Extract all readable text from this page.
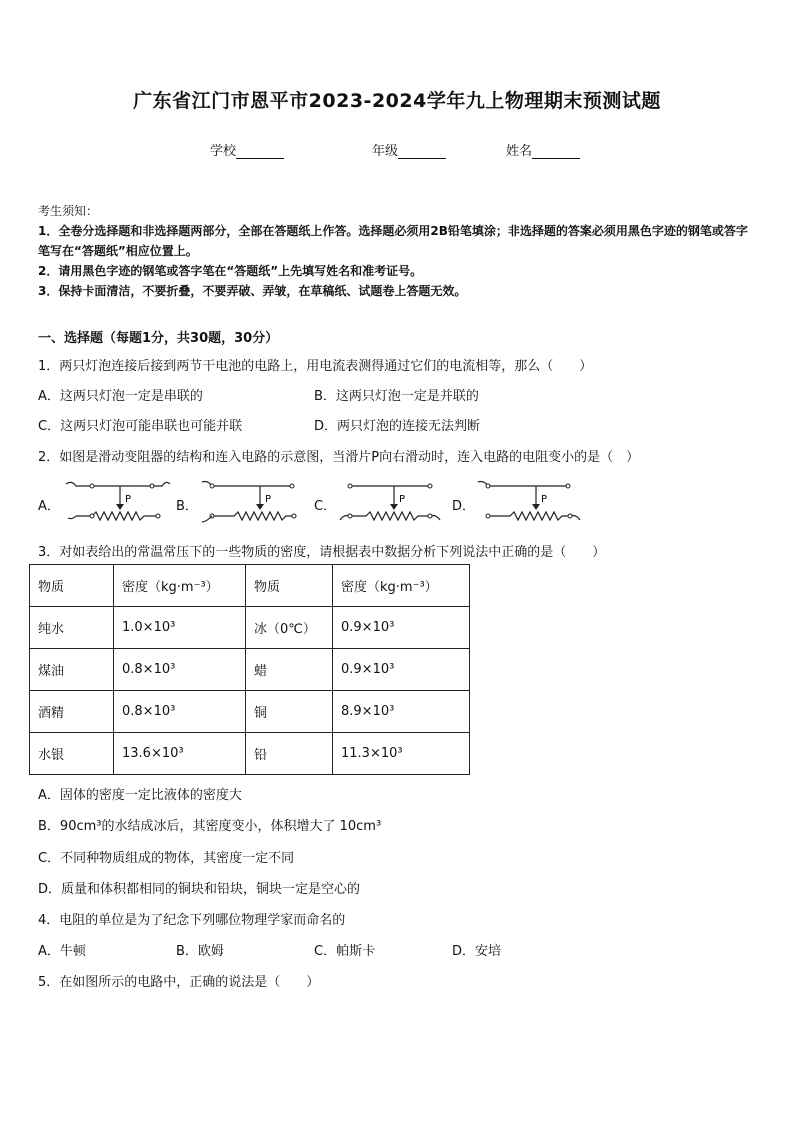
广东省江门市恩平市2023-2024学年九上物理期末预测试题
学校	年级	姓名
考生须知：
1．全卷分选择题和非选择题两部分，全部在答题纸上作答。选择题必须用2B铅笔填涂；非选择题的答案必须用黑色字迹的钢笔或答字笔写在“答题纸”相应位置上。
2．请用黑色字迹的钢笔或答字笔在“答题纸”上先填写姓名和准考证号。
3．保持卡面清洁，不要折叠，不要弄破、弄皱，在草稿纸、试题卷上答题无效。
一、选择题（每题1分，共30题，30分）
1．两只灯泡连接后接到两节干电池的电路上，用电流表测得通过它们的电流相等，那么（　　）
A．这两只灯泡一定是串联的	B．这两只灯泡一定是并联的
C．这两只灯泡可能串联也可能并联	D．两只灯泡的连接无法判断
2．如图是滑动变阻器的结构和连入电路的示意图，当滑片P向右滑动时，连入电路的电阻变小的是（　）
A．	P	B．	P	C．	P	D．	P
3．对如表给出的常温常压下的一些物质的密度，请根据表中数据分析下列说法中正确的是（　　）
物质	密度（kg·m⁻³）	物质	密度（kg·m⁻³）
纯水	1.0×10³	冰（0℃）	0.9×10³
煤油	0.8×10³	蜡	0.9×10³
酒精	0.8×10³	铜	8.9×10³
水银	13.6×10³	铅	11.3×10³
A．固体的密度一定比液体的密度大
B．90cm³的水结成冰后，其密度变小，体积增大了 10cm³
C．不同种物质组成的物体，其密度一定不同
D．质量和体积都相同的铜块和铅块，铜块一定是空心的
4．电阻的单位是为了纪念下列哪位物理学家而命名的
A．牛顿	B．欧姆	C．帕斯卡	D．安培
5．在如图所示的电路中，正确的说法是（　　）
